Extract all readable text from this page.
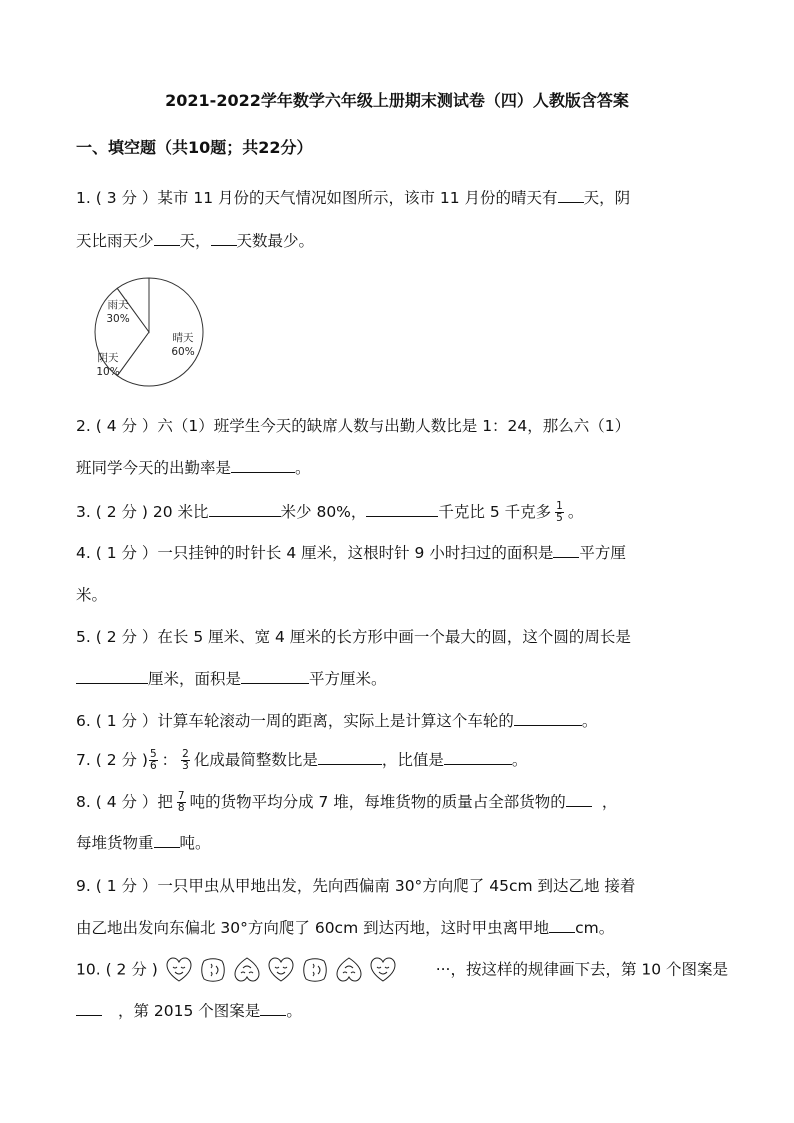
2021-2022学年数学六年级上册期末测试卷（四）人教版含答案
一、填空题（共10题；共22分）
1. ( 3 分 ）某市 11 月份的天气情况如图所示，该市 11 月份的晴天有 天，阴
天比雨天少 天， 天数最少。
晴天
60%
雨天
30%
阴天
10%
2. ( 4 分 ）六（1）班学生今天的缺席人数与出勤人数比是 1：24，那么六（1）
班同学今天的出勤率是	。
3. ( 2 分 ) 20 米比	米少 80%，	千克比 5 千克多 $\frac{1}{5}$ 。
4. ( 1 分 ）一只挂钟的时针长 4 厘米，这根时针 9 小时扫过的面积是 平方厘
米。
5. ( 2 分 ）在长 5 厘米、宽 4 厘米的长方形中画一个最大的圆，这个圆的周长是
厘米，面积是	平方厘米。
6. ( 1 分 ）计算车轮滚动一周的距离，实际上是计算这个车轮的	。
7. ( 2 分 ) $\frac{5}{6}$ ： $\frac{2}{3}$ 化成最简整数比是	，比值是	。
8. ( 4 分 ）把 $\frac{7}{8}$ 吨的货物平均分成 7 堆，每堆货物的质量占全部货物的 ，
每堆货物重 吨。
9. ( 1 分 ）一只甲虫从甲地出发，先向西偏南 30°方向爬了 45cm 到达乙地 接着
由乙地出发向东偏北 30°方向爬了 60cm 到达丙地，这时甲虫离甲地 cm。
10. ( 2 分 )	···，按这样的规律画下去，第 10 个图案是
，第 2015 个图案是 。
